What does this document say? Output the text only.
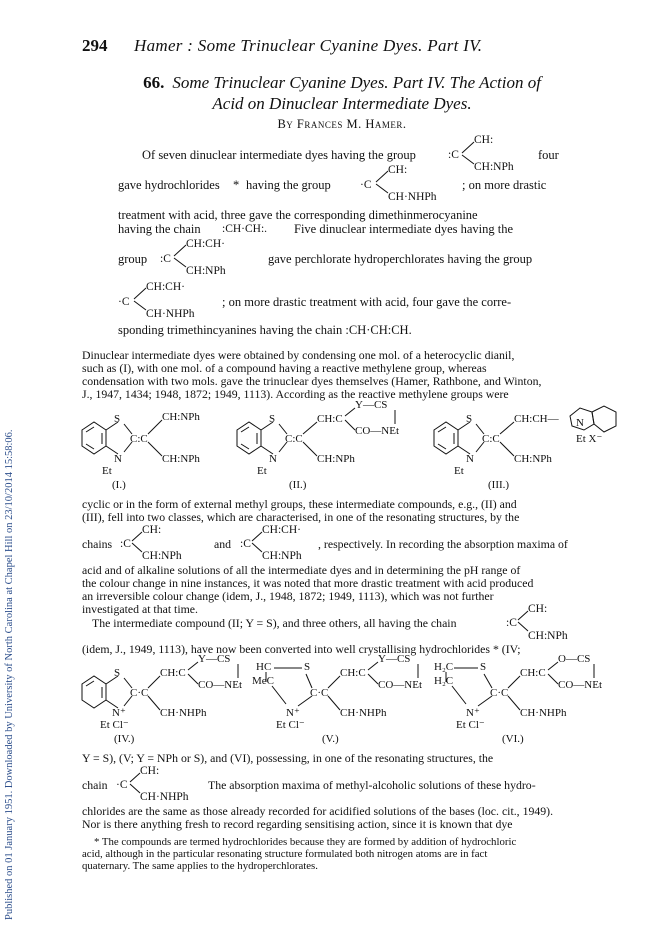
Published on 01 January 1951. Downloaded by University of North Carolina at Chapel Hill on 23/10/2014 15:58:06.
294 Hamer : Some Trinuclear Cyanine Dyes. Part IV.
66. Some Trinuclear Cyanine Dyes. Part IV. The Action of
Acid on Dinuclear Intermediate Dyes.
By Frances M. Hamer.
Of seven dinuclear intermediate dyes having the group	:C
CH:
CH:NPh
four
gave hydrochlorides * having the group	·C
CH:
CH·NHPh
; on more drastic
treatment with acid, three gave the corresponding dimethinmerocyanine
having the chain :CH·CH:. Five dinuclear intermediate dyes having the
group :C
CH:CH·
CH:NPh
gave perchlorate hydroperchlorates having the group
·C
CH:CH·
CH·NHPh
; on more drastic treatment with acid, four gave the corre-
sponding trimethincyanines having the chain :CH·CH:CH.
Dinuclear intermediate dyes were obtained by condensing one mol. of a heterocyclic dianil,
such as (I), with one mol. of a compound having a reactive methylene group, whereas
condensation with two mols. gave the trinuclear dyes themselves (Hamer, Rathbone, and Winton,
J., 1947, 1434; 1948, 1872; 1949, 1113). According as the reactive methylene groups were
S
C:C
N
Et
CH:NPh
CH:NPh
(I.)
S
C:C
N
Et
CH:C
Y—CS
CO—NEt
CH:NPh
(II.)
S
C:C
N
Et
CH:CH— N
Et X⁻
CH:NPh
(III.)
cyclic or in the form of external methyl groups, these intermediate compounds, e.g., (II) and
(III), fell into two classes, which are characterised, in one of the resonating structures, by the
chains :C
CH:
CH:NPh
and :C
CH:CH·
CH:NPh
, respectively. In recording the absorption maxima of
acid and of alkaline solutions of all the intermediate dyes and in determining the pH range of
the colour change in nine instances, it was noted that more drastic treatment with acid produced
an irreversible colour change (idem, J., 1948, 1872; 1949, 1113), which was not further
investigated at that time.
The intermediate compound (II; Y = S), and three others, all having the chain	:C
CH:
CH:NPh
(idem, J., 1949, 1113), have now been converted into well crystallising hydrochlorides * (IV;
S
C·C
N⁺
Et Cl⁻
CH:C
Y—CS
CO—NEt
CH·NHPh
(IV.)
HC	S
MeC
C·C
N⁺
Et Cl⁻
CH:C
Y—CS
CO—NEt
CH·NHPh
(V.)
H₂C S
H₂C
C·C
N⁺
Et Cl⁻
CH:C
O—CS
CO—NEt
CH·NHPh
(VI.)
Y = S), (V; Y = NPh or S), and (VI), possessing, in one of the resonating structures, the
chain ·C
CH:
CH·NHPh
The absorption maxima of methyl-alcoholic solutions of these hydro-
chlorides are the same as those already recorded for acidified solutions of the bases (loc. cit., 1949).
Nor is there anything fresh to record regarding sensitising action, since it is known that dye
* The compounds are termed hydrochlorides because they are formed by addition of hydrochloric
acid, although in the particular resonating structure formulated both nitrogen atoms are in fact
quaternary. The same applies to the hydroperchlorates.
